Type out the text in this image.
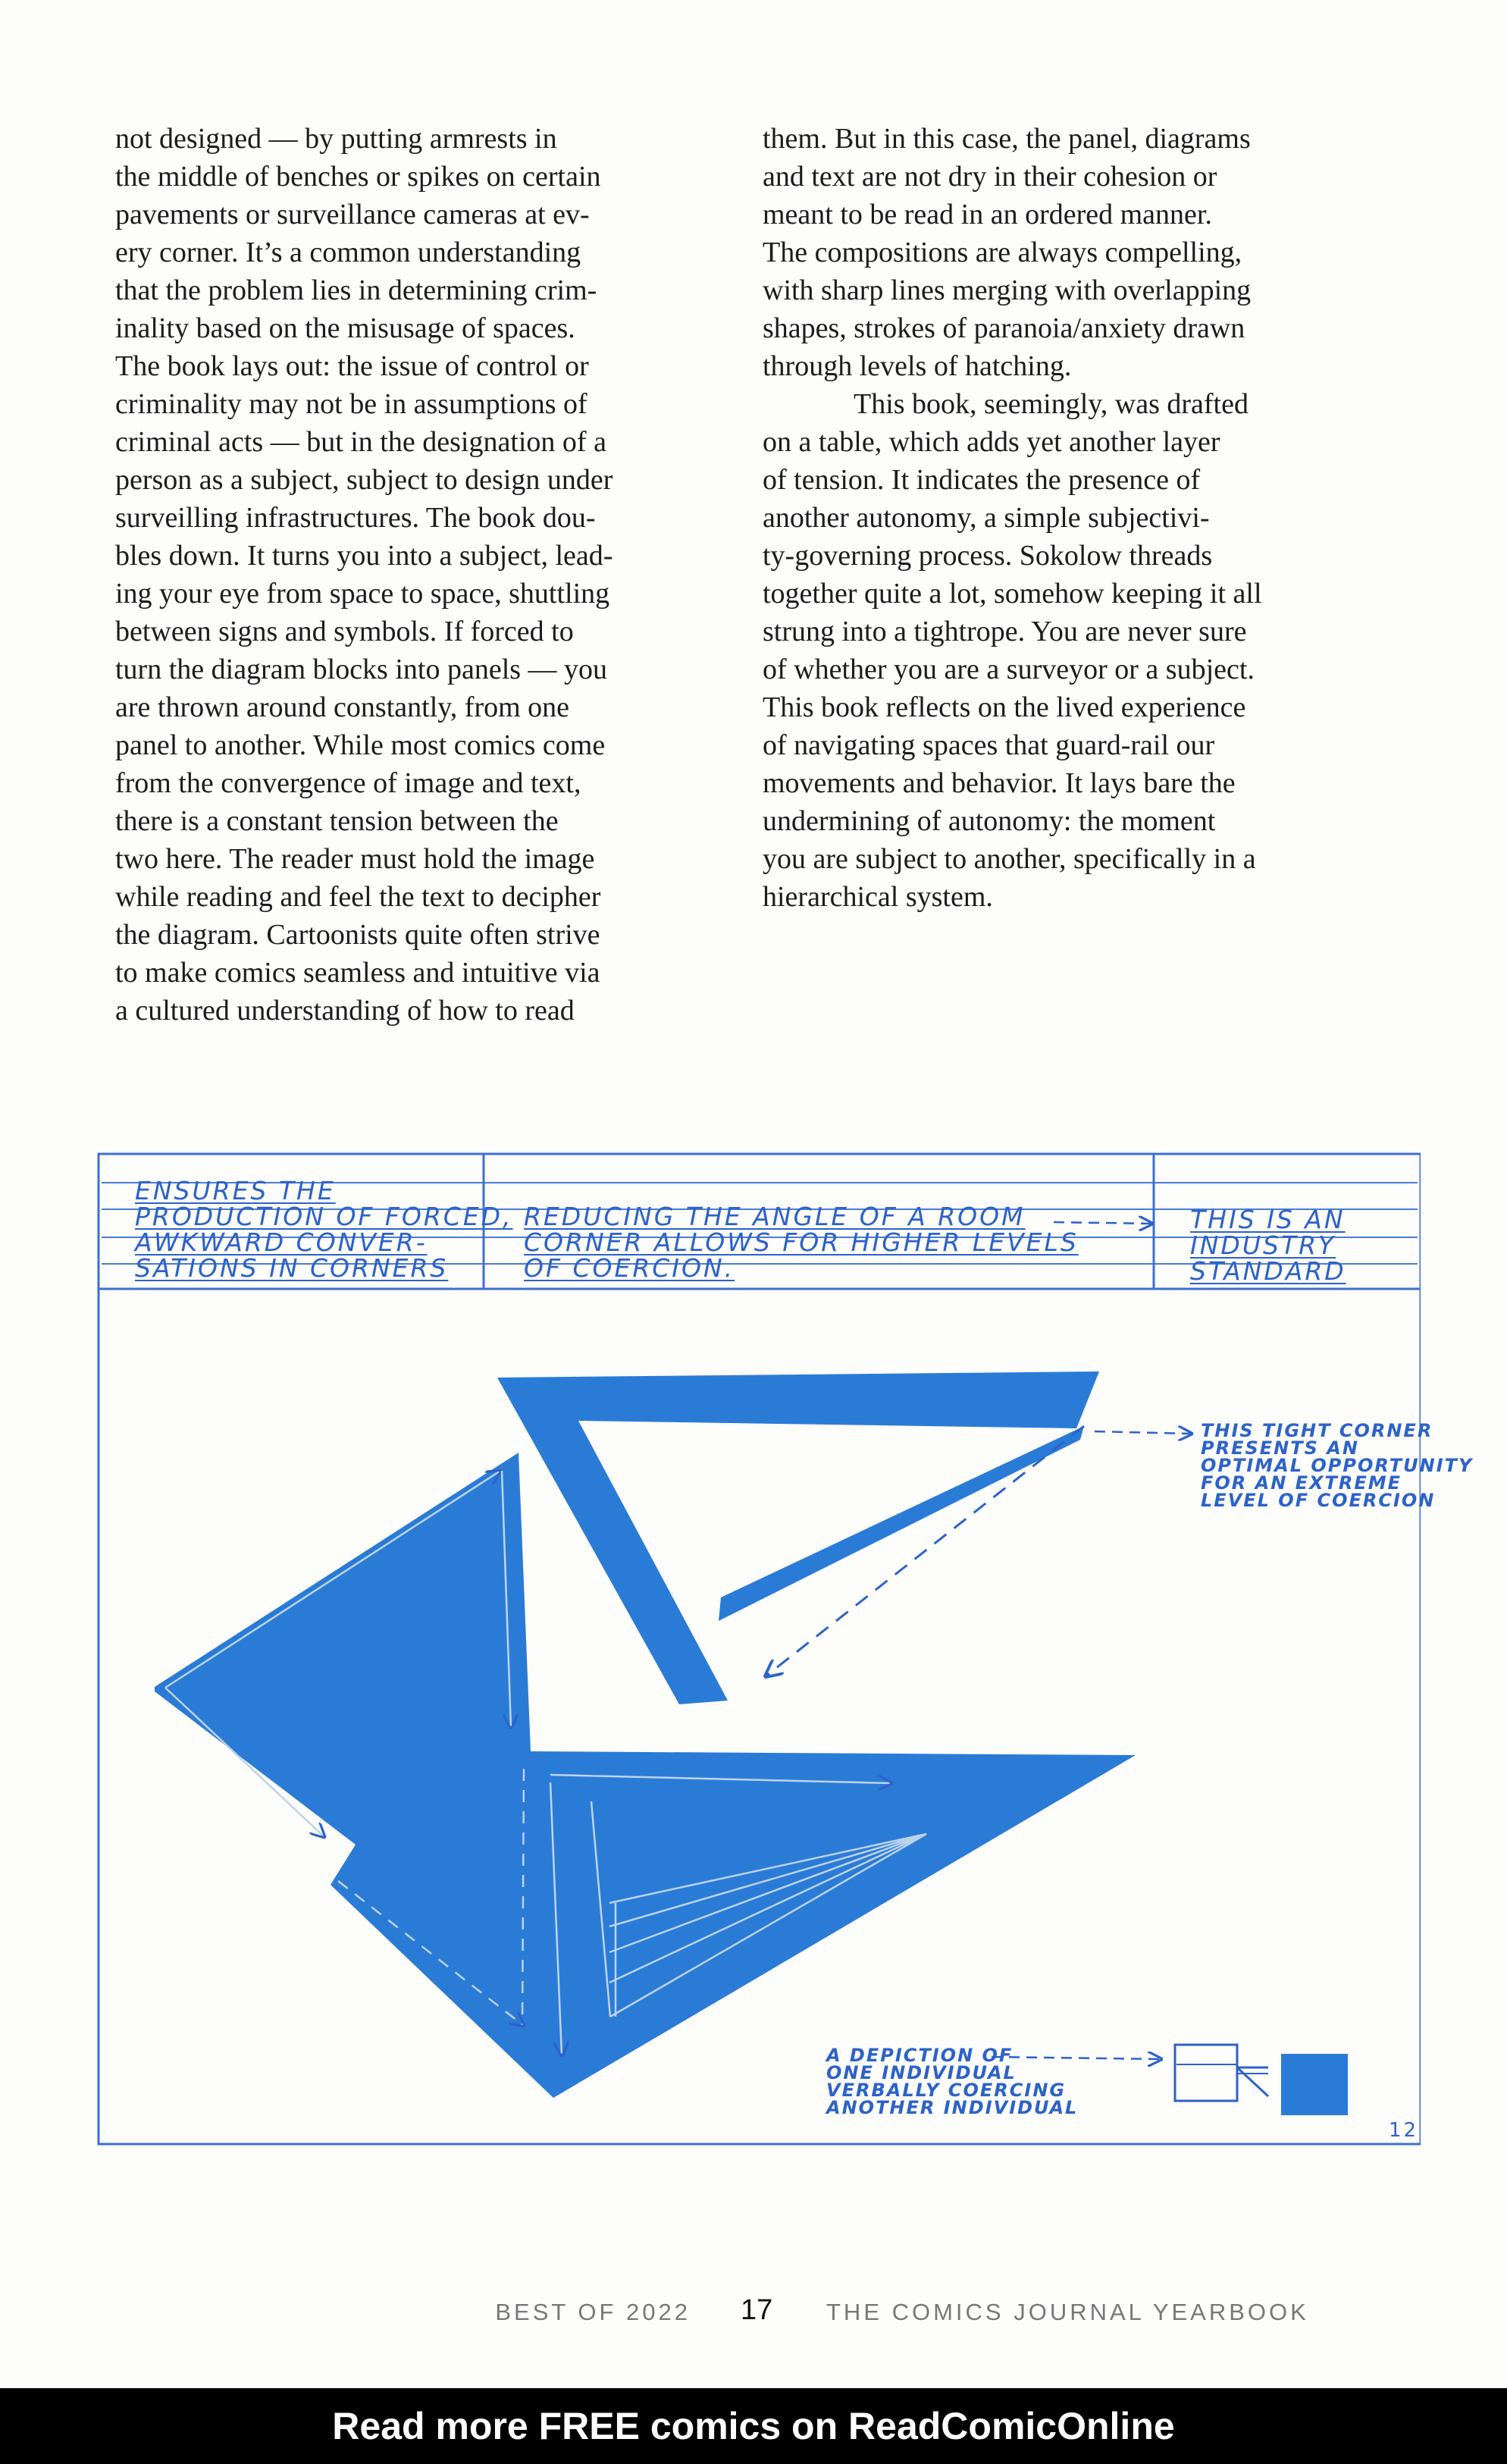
not designed — by putting armrests in
the middle of benches or spikes on certain
pavements or surveillance cameras at ev-
ery corner. It’s a common understanding
that the problem lies in determining crim-
inality based on the misusage of spaces.
The book lays out: the issue of control or
criminality may not be in assumptions of
criminal acts — but in the designation of a
person as a subject, subject to design under
surveilling infrastructures. The book dou-
bles down. It turns you into a subject, lead-
ing your eye from space to space, shuttling
between signs and symbols. If forced to
turn the diagram blocks into panels — you
are thrown around constantly, from one
panel to another. While most comics come
from the convergence of image and text,
there is a constant tension between the
two here. The reader must hold the image
while reading and feel the text to decipher
the diagram. Cartoonists quite often strive
to make comics seamless and intuitive via
a cultured understanding of how to read

them. But in this case, the panel, diagrams
and text are not dry in their cohesion or
meant to be read in an ordered manner.
The compositions are always compelling,
with sharp lines merging with overlapping
shapes, strokes of paranoia/anxiety drawn
through levels of hatching.

This book, seemingly, was drafted
on a table, which adds yet another layer
of tension. It indicates the presence of
another autonomy, a simple subjectivi-
ty-governing process. Sokolow threads
together quite a lot, somehow keeping it all
strung into a tightrope. You are never sure
of whether you are a surveyor or a subject.
This book reflects on the lived experience
of navigating spaces that guard-rail our
movements and behavior. It lays bare the
undermining of autonomy: the moment
you are subject to another, specifically in a
hierarchical system.

ENSURES THE
PRODUCTION OF FORCED,
AWKWARD CONVER-
SATIONS IN CORNERS
REDUCING THE ANGLE OF A ROOM
CORNER ALLOWS FOR HIGHER LEVELS
OF COERCION.
THIS IS AN
INDUSTRY
STANDARD
THIS TIGHT CORNER
PRESENTS AN
OPTIMAL OPPORTUNITY
FOR AN EXTREME
LEVEL OF COERCION
A DEPICTION OF
ONE INDIVIDUAL
VERBALLY COERCING
ANOTHER INDIVIDUAL
12
BEST OF 2022 17 THE COMICS JOURNAL YEARBOOK
Read more FREE comics on ReadComicOnline
